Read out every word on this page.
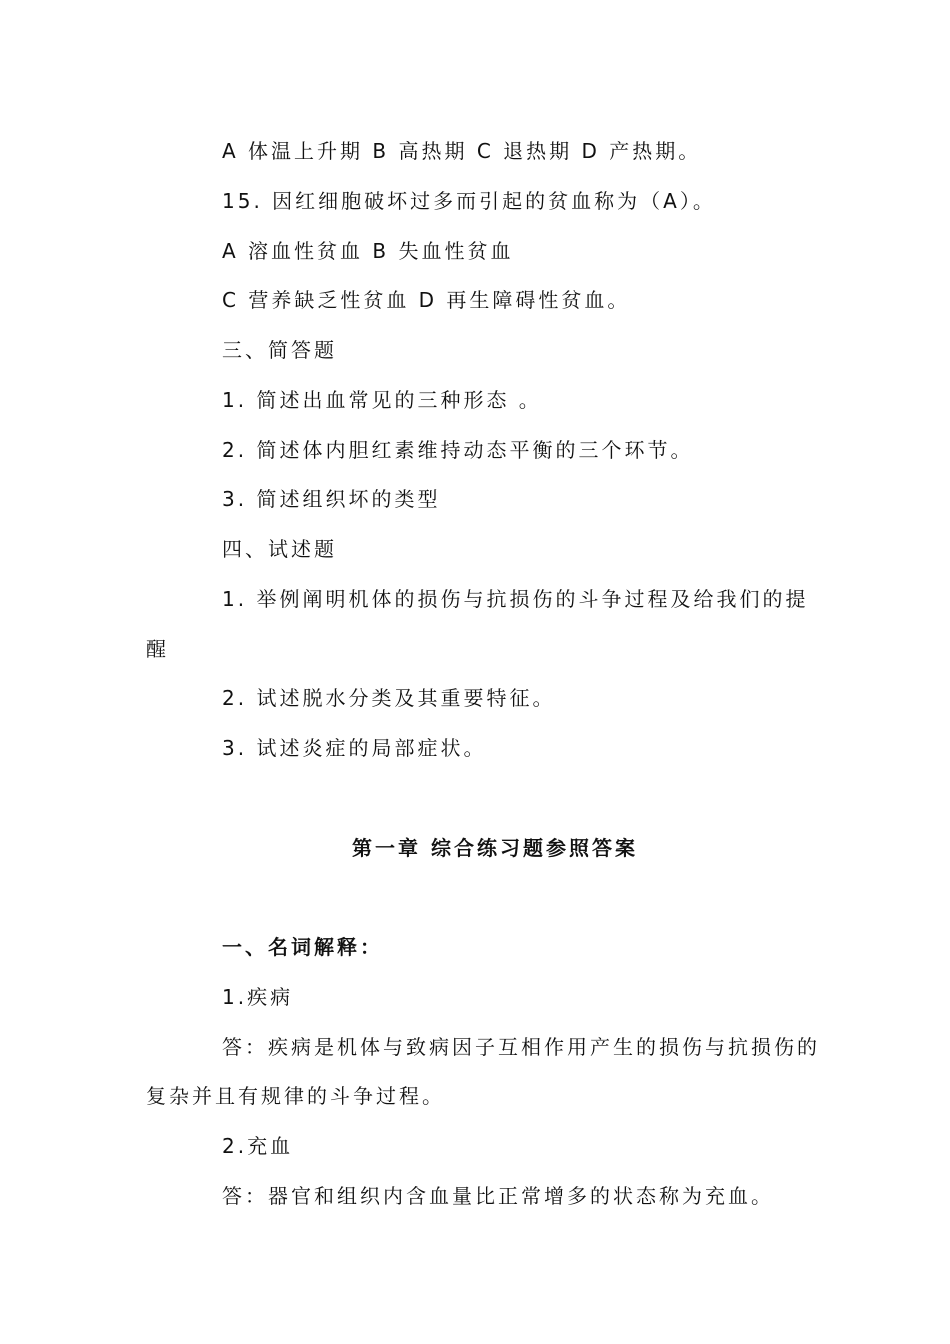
A 体温上升期 B 高热期 C 退热期 D 产热期。
15. 因红细胞破坏过多而引起的贫血称为（A）。
A 溶血性贫血 B 失血性贫血
C 营养缺乏性贫血 D 再生障碍性贫血。
三、简答题
1. 简述出血常见的三种形态 。
2. 简述体内胆红素维持动态平衡的三个环节。
3. 简述组织坏的类型
四、试述题
1. 举例阐明机体的损伤与抗损伤的斗争过程及给我们的提
醒
2. 试述脱水分类及其重要特征。
3. 试述炎症的局部症状。
第一章 综合练习题参照答案
一、名词解释：
1.疾病
答：疾病是机体与致病因子互相作用产生的损伤与抗损伤的
复杂并且有规律的斗争过程。
2.充血
答：器官和组织内含血量比正常增多的状态称为充血。
